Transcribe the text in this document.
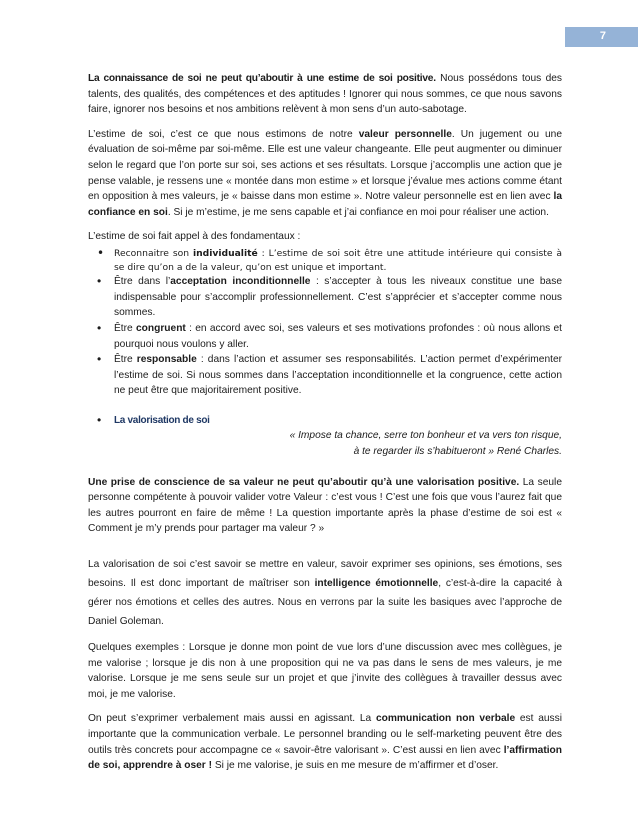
7

La connaissance de soi ne peut qu’aboutir à une estime de soi positive. Nous possédons tous des talents, des qualités, des compétences et des aptitudes ! Ignorer qui nous sommes, ce que nous savons faire, ignorer nos besoins et nos ambitions relèvent à mon sens d’un auto-sabotage.

L’estime de soi, c’est ce que nous estimons de notre valeur personnelle. Un jugement ou une évaluation de soi-même par soi-même. Elle est une valeur changeante. Elle peut augmenter ou diminuer selon le regard que l’on porte sur soi, ses actions et ses résultats. Lorsque j’accomplis une action que je pense valable, je ressens une « montée dans mon estime » et lorsque j’évalue mes actions comme étant en opposition à mes valeurs, je « baisse dans mon estime ». Notre valeur personnelle est en lien avec la confiance en soi. Si je m’estime, je me sens capable et j’ai confiance en moi pour réaliser une action.

L’estime de soi fait appel à des fondamentaux :

• Reconnaitre son individualité : L’estime de soi soit être une attitude intérieure qui consiste à se dire qu’on a de la valeur, qu’on est unique et important.
• Être dans l’acceptation inconditionnelle : s’accepter à tous les niveaux constitue une base indispensable pour s’accomplir professionnellement. C’est s’apprécier et s’accepter comme nous sommes.
• Être congruent : en accord avec soi, ses valeurs et ses motivations profondes : où nous allons et pourquoi nous voulons y aller.
• Être responsable : dans l’action et assumer ses responsabilités. L’action permet d’expérimenter l’estime de soi. Si nous sommes dans l’acceptation inconditionnelle et la congruence, cette action ne peut être que majoritairement positive.
• La valorisation de soi
« Impose ta chance, serre ton bonheur et va vers ton risque,
à te regarder ils s’habitueront » René Charles.

Une prise de conscience de sa valeur ne peut qu’aboutir qu’à une valorisation positive. La seule personne compétente à pouvoir valider votre Valeur : c’est vous ! C’est une fois que vous l’aurez fait que les autres pourront en faire de même ! La question importante après la phase d’estime de soi est « Comment je m’y prends pour partager ma valeur ? »

La valorisation de soi c’est savoir se mettre en valeur, savoir exprimer ses opinions, ses émotions, ses besoins. Il est donc important de maîtriser son intelligence émotionnelle, c’est-à-dire la capacité à gérer nos émotions et celles des autres. Nous en verrons par la suite les basiques avec l’approche de Daniel Goleman.

Quelques exemples : Lorsque je donne mon point de vue lors d’une discussion avec mes collègues, je me valorise ; lorsque je dis non à une proposition qui ne va pas dans le sens de mes valeurs, je me valorise. Lorsque je me sens seule sur un projet et que j’invite des collègues à travailler dessus avec moi, je me valorise.

On peut s’exprimer verbalement mais aussi en agissant. La communication non verbale est aussi importante que la communication verbale. Le personnel branding ou le self-marketing peuvent être des outils très concrets pour accompagne ce « savoir-être valorisant ». C’est aussi en lien avec l’affirmation de soi, apprendre à oser ! Si je me valorise, je suis en me mesure de m’affirmer et d’oser.
